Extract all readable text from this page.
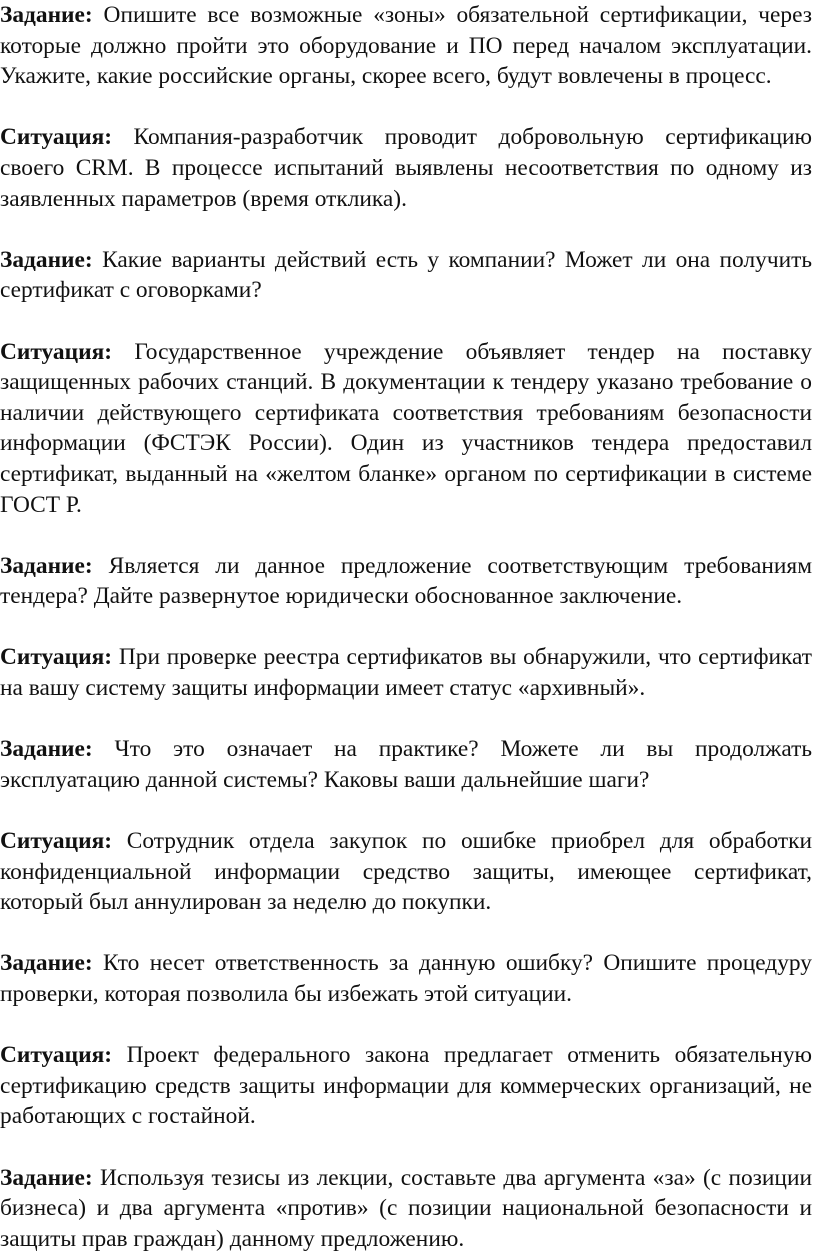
Задание: Опишите все возможные «зоны» обязательной сертификации, через которые должно пройти это оборудование и ПО перед началом эксплуатации. Укажите, какие российские органы, скорее всего, будут вовлечены в процесс.

Ситуация: Компания-разработчик проводит добровольную сертификацию своего CRM. В процессе испытаний выявлены несоответствия по одному из заявленных параметров (время отклика).

Задание: Какие варианты действий есть у компании? Может ли она получить сертификат с оговорками?

Ситуация: Государственное учреждение объявляет тендер на поставку защищенных рабочих станций. В документации к тендеру указано требование о наличии действующего сертификата соответствия требованиям безопасности информации (ФСТЭК России). Один из участников тендера предоставил сертификат, выданный на «желтом бланке» органом по сертификации в системе ГОСТ Р.

Задание: Является ли данное предложение соответствующим требованиям тендера? Дайте развернутое юридически обоснованное заключение.

Ситуация: При проверке реестра сертификатов вы обнаружили, что сертификат на вашу систему защиты информации имеет статус «архивный».

Задание: Что это означает на практике? Можете ли вы продолжать эксплуатацию данной системы? Каковы ваши дальнейшие шаги?

Ситуация: Сотрудник отдела закупок по ошибке приобрел для обработки конфиденциальной информации средство защиты, имеющее сертификат, который был аннулирован за неделю до покупки.

Задание: Кто несет ответственность за данную ошибку? Опишите процедуру проверки, которая позволила бы избежать этой ситуации.

Ситуация: Проект федерального закона предлагает отменить обязательную сертификацию средств защиты информации для коммерческих организаций, не работающих с гостайной.

Задание: Используя тезисы из лекции, составьте два аргумента «за» (с позиции бизнеса) и два аргумента «против» (с позиции национальной безопасности и защиты прав граждан) данному предложению.
